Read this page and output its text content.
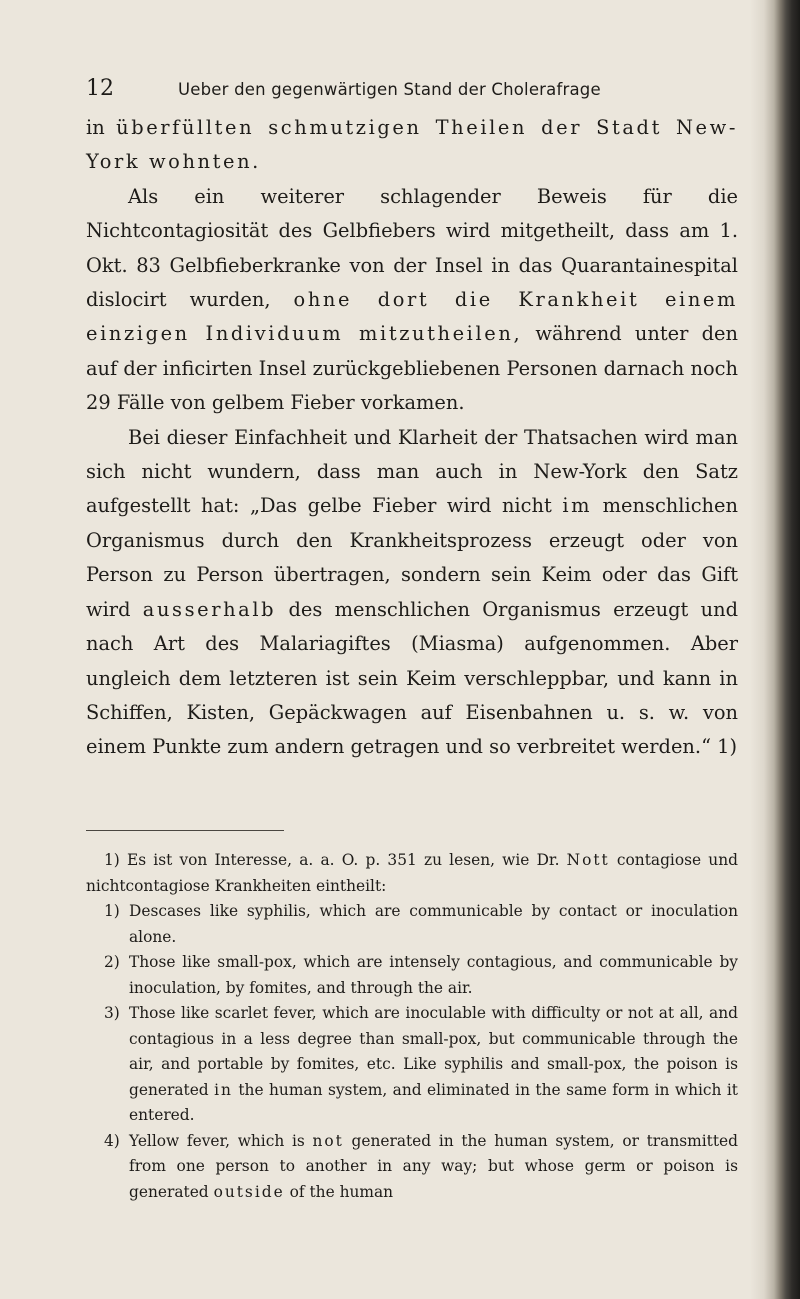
12	Ueber den gegenwärtigen Stand der Cholerafrage

in überfüllten schmutzigen Theilen der Stadt New-York wohnten.

Als ein weiterer schlagender Beweis für die Nichtcontagiosität des Gelbfiebers wird mitgetheilt, dass am 1. Okt. 83 Gelbfieberkranke von der Insel in das Quarantainespital dislocirt wurden, ohne dort die Krankheit einem einzigen Individuum mitzutheilen, während unter den auf der inficirten Insel zurückgebliebenen Personen darnach noch 29 Fälle von gelbem Fieber vorkamen.

Bei dieser Einfachheit und Klarheit der Thatsachen wird man sich nicht wundern, dass man auch in New-York den Satz aufgestellt hat: „Das gelbe Fieber wird nicht im menschlichen Organismus durch den Krankheitsprozess erzeugt oder von Person zu Person übertragen, sondern sein Keim oder das Gift wird ausserhalb des menschlichen Organismus erzeugt und nach Art des Malariagiftes (Miasma) aufgenommen. Aber ungleich dem letzteren ist sein Keim verschleppbar, und kann in Schiffen, Kisten, Gepäckwagen auf Eisenbahnen u. s. w. von einem Punkte zum andern getragen und so verbreitet werden.“ 1)

1) Es ist von Interesse, a. a. O. p. 351 zu lesen, wie Dr. Nott contagiose und nichtcontagiose Krankheiten eintheilt:

1) Descases like syphilis, which are communicable by contact or inoculation alone.

2) Those like small-pox, which are intensely contagious, and communicable by inoculation, by fomites, and through the air.

3) Those like scarlet fever, which are inoculable with difficulty or not at all, and contagious in a less degree than small-pox, but communicable through the air, and portable by fomites, etc. Like syphilis and small-pox, the poison is generated in the human system, and eliminated in the same form in which it entered.

4) Yellow fever, which is not generated in the human system, or transmitted from one person to another in any way; but whose germ or poison is generated outside of the human
